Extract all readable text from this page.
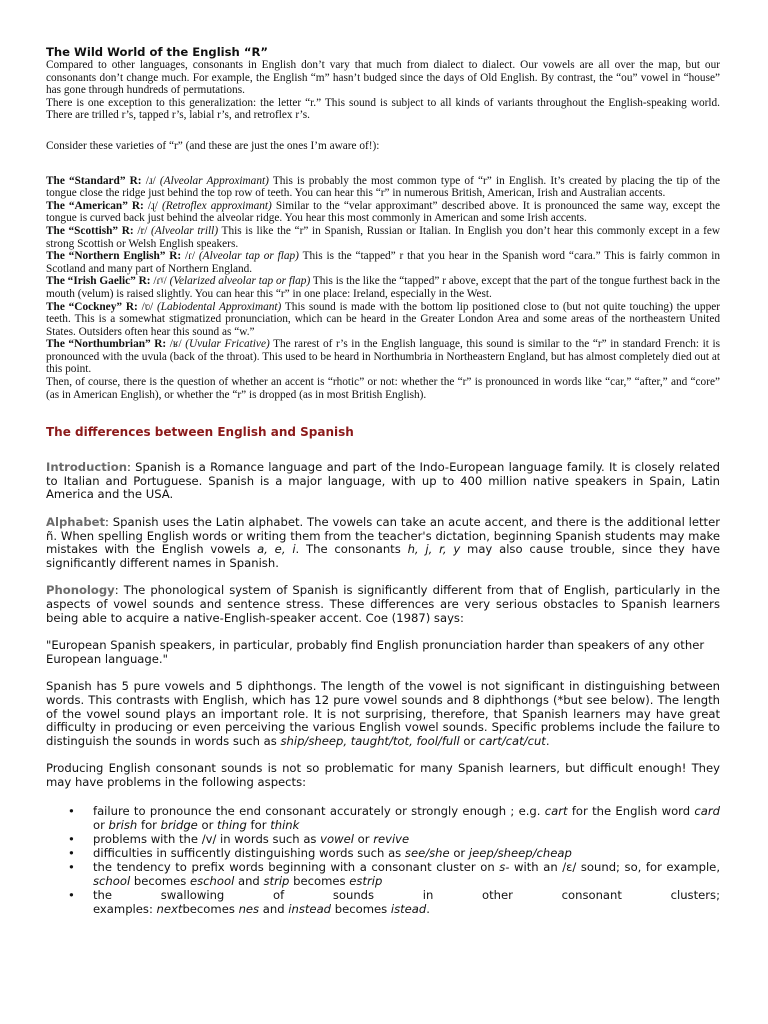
The Wild World of the English “R”

Compared to other languages, consonants in English don’t vary that much from dialect to dialect. Our vowels are all over the map, but our consonants don’t change much. For example, the English “m” hasn’t budged since the days of Old English. By contrast, the “ou” vowel in “house” has gone through hundreds of permutations.

There is one exception to this generalization: the letter “r.” This sound is subject to all kinds of variants throughout the English-speaking world. There are trilled r’s, tapped r’s, labial r’s, and retroflex r’s.

Consider these varieties of “r” (and these are just the ones I’m aware of!):

The “Standard” R: /ɹ/ (Alveolar Approximant) This is probably the most common type of “r” in English. It’s created by placing the tip of the tongue close the ridge just behind the top row of teeth. You can hear this “r” in numerous British, American, Irish and Australian accents.

The “American” R: /ɻ/ (Retroflex approximant) Similar to the “velar approximant” described above. It is pronounced the same way, except the tongue is curved back just behind the alveolar ridge. You hear this most commonly in American and some Irish accents.

The “Scottish” R: /r/ (Alveolar trill) This is like the “r” in Spanish, Russian or Italian. In English you don’t hear this commonly except in a few strong Scottish or Welsh English speakers.

The “Northern English” R: /ɾ/ (Alveolar tap or flap) This is the “tapped” r that you hear in the Spanish word “cara.” This is fairly common in Scotland and many part of Northern England.

The “Irish Gaelic” R: /ɾˠ/ (Velarized alveolar tap or flap) This is the like the “tapped” r above, except that the part of the tongue furthest back in the mouth (velum) is raised slightly. You can hear this “r” in one place: Ireland, especially in the West.

The “Cockney” R: /ʋ/ (Labiodental Approximant) This sound is made with the bottom lip positioned close to (but not quite touching) the upper teeth. This is a somewhat stigmatized pronunciation, which can be heard in the Greater London Area and some areas of the northeastern United States. Outsiders often hear this sound as “w.”

The “Northumbrian” R: /ʁ/ (Uvular Fricative) The rarest of r’s in the English language, this sound is similar to the “r” in standard French: it is pronounced with the uvula (back of the throat). This used to be heard in Northumbria in Northeastern England, but has almost completely died out at this point.

Then, of course, there is the question of whether an accent is “rhotic” or not: whether the “r” is pronounced in words like “car,” “after,” and “core” (as in American English), or whether the “r” is dropped (as in most British English).

The differences between English and Spanish

Introduction: Spanish is a Romance language and part of the Indo-European language family. It is closely related to Italian and Portuguese. Spanish is a major language, with up to 400 million native speakers in Spain, Latin America and the USA.

Alphabet: Spanish uses the Latin alphabet. The vowels can take an acute accent, and there is the additional letter ñ. When spelling English words or writing them from the teacher's dictation, beginning Spanish students may make mistakes with the English vowels a, e, i. The consonants h, j, r, y may also cause trouble, since they have significantly different names in Spanish.

Phonology: The phonological system of Spanish is significantly different from that of English, particularly in the aspects of vowel sounds and sentence stress. These differences are very serious obstacles to Spanish learners being able to acquire a native-English-speaker accent. Coe (1987) says:

"European Spanish speakers, in particular, probably find English pronunciation harder than speakers of any other European language."

Spanish has 5 pure vowels and 5 diphthongs. The length of the vowel is not significant in distinguishing between words. This contrasts with English, which has 12 pure vowel sounds and 8 diphthongs (*but see below). The length of the vowel sound plays an important role. It is not surprising, therefore, that Spanish learners may have great difficulty in producing or even perceiving the various English vowel sounds. Specific problems include the failure to distinguish the sounds in words such as ship/sheep, taught/tot, fool/full or cart/cat/cut.

Producing English consonant sounds is not so problematic for many Spanish learners, but difficult enough! They may have problems in the following aspects:

• failure to pronounce the end consonant accurately or strongly enough ; e.g. cart for the English word card or brish for bridge or thing for think
• problems with the /v/ in words such as vowel or revive
• difficulties in sufficently distinguishing words such as see/she or jeep/sheep/cheap
• the tendency to prefix words beginning with a consonant cluster on s- with an /ɛ/ sound; so, for example, school becomes eschool and strip becomes estrip
• the swallowing of sounds in other consonant clusters;
examples: nextbecomes nes and instead becomes istead.
